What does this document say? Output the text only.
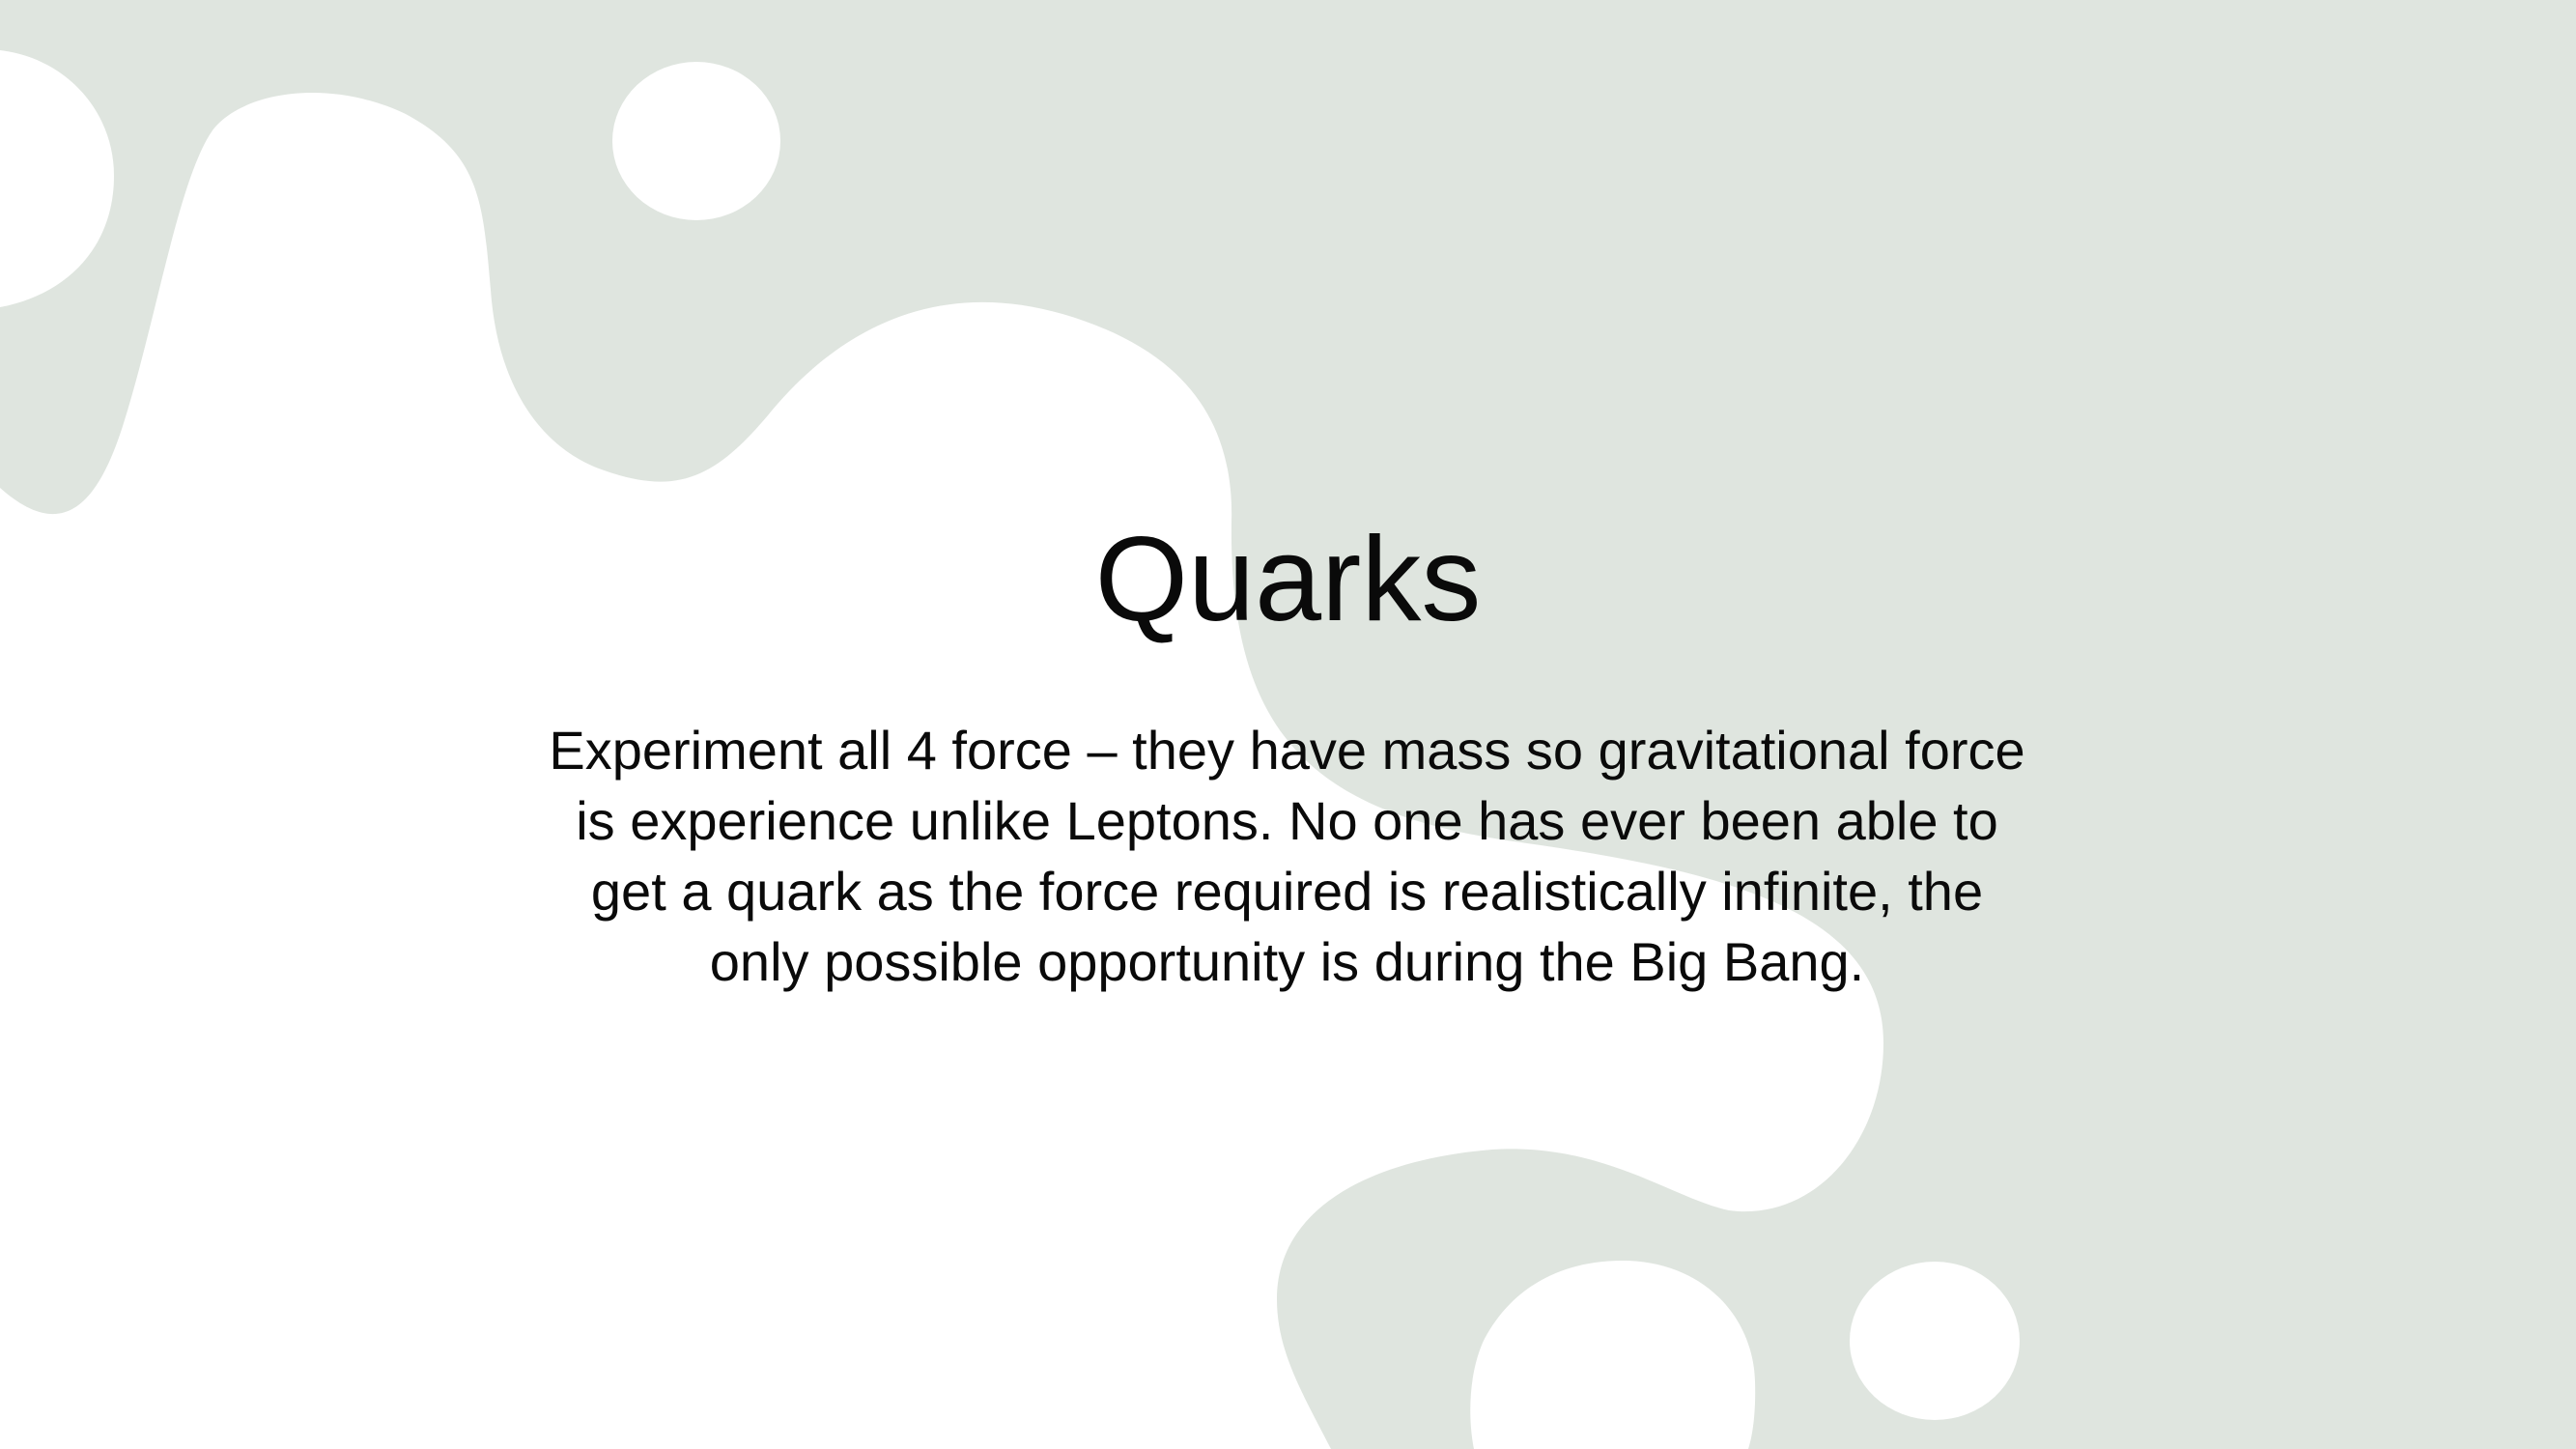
Quarks

Experiment all 4 force – they have mass so gravitational force is experience unlike Leptons. No one has ever been able to get a quark as the force required is realistically infinite, the only possible opportunity is during the Big Bang.
